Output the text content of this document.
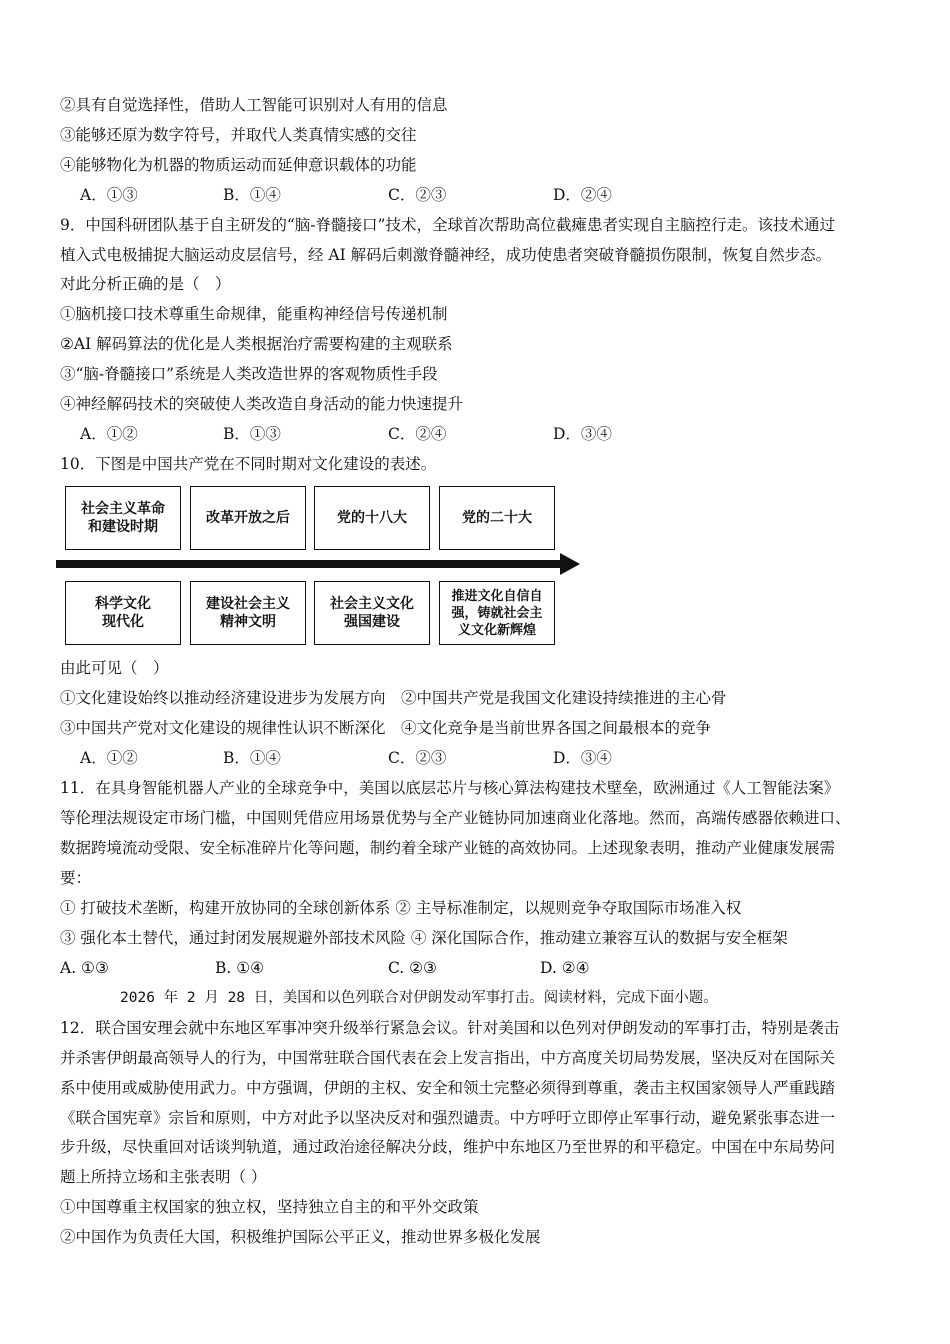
②具有自觉选择性，借助人工智能可识别对人有用的信息
③能够还原为数字符号，并取代人类真情实感的交往
④能够物化为机器的物质运动而延伸意识载体的功能
A．①③	B．①④	C．②③	D．②④
9．中国科研团队基于自主研发的“脑-脊髓接口”技术，全球首次帮助高位截瘫患者实现自主脑控行走。该技术通过
植入式电极捕捉大脑运动皮层信号，经 AI 解码后刺激脊髓神经，成功使患者突破脊髓损伤限制，恢复自然步态。
对此分析正确的是（　）
①脑机接口技术尊重生命规律，能重构神经信号传递机制
②AI 解码算法的优化是人类根据治疗需要构建的主观联系
③“脑-脊髓接口”系统是人类改造世界的客观物质性手段
④神经解码技术的突破使人类改造自身活动的能力快速提升
A．①②	B．①③	C．②④	D．③④
10．下图是中国共产党在不同时期对文化建设的表述。
社会主义革命
和建设时期
改革开放之后	党的十八大	党的二十大
科学文化
现代化
建设社会主义
精神文明
社会主义文化
强国建设
推进文化自信自
强，铸就社会主
义文化新辉煌
由此可见（　）
①文化建设始终以推动经济建设进步为发展方向　②中国共产党是我国文化建设持续推进的主心骨
③中国共产党对文化建设的规律性认识不断深化　④文化竞争是当前世界各国之间最根本的竞争
A．①②	B．①④	C．②③	D．③④
11．在具身智能机器人产业的全球竞争中，美国以底层芯片与核心算法构建技术壁垒，欧洲通过《人工智能法案》
等伦理法规设定市场门槛，中国则凭借应用场景优势与全产业链协同加速商业化落地。然而，高端传感器依赖进口、
数据跨境流动受限、安全标准碎片化等问题，制约着全球产业链的高效协同。上述现象表明，推动产业健康发展需
要：
① 打破技术垄断，构建开放协同的全球创新体系 ② 主导标准制定，以规则竞争夺取国际市场准入权
③ 强化本土替代，通过封闭发展规避外部技术风险 ④ 深化国际合作，推动建立兼容互认的数据与安全框架
A. ①③	B. ①④	C. ②③	D. ②④
2026 年 2 月 28 日，美国和以色列联合对伊朗发动军事打击。阅读材料，完成下面小题。
12．联合国安理会就中东地区军事冲突升级举行紧急会议。针对美国和以色列对伊朗发动的军事打击，特别是袭击
并杀害伊朗最高领导人的行为，中国常驻联合国代表在会上发言指出，中方高度关切局势发展，坚决反对在国际关
系中使用或威胁使用武力。中方强调，伊朗的主权、安全和领土完整必须得到尊重，袭击主权国家领导人严重践踏
《联合国宪章》宗旨和原则，中方对此予以坚决反对和强烈谴责。中方呼吁立即停止军事行动，避免紧张事态进一
步升级，尽快重回对话谈判轨道，通过政治途径解决分歧，维护中东地区乃至世界的和平稳定。中国在中东局势问
题上所持立场和主张表明（ ）
①中国尊重主权国家的独立权，坚持独立自主的和平外交政策
②中国作为负责任大国，积极维护国际公平正义，推动世界多极化发展
